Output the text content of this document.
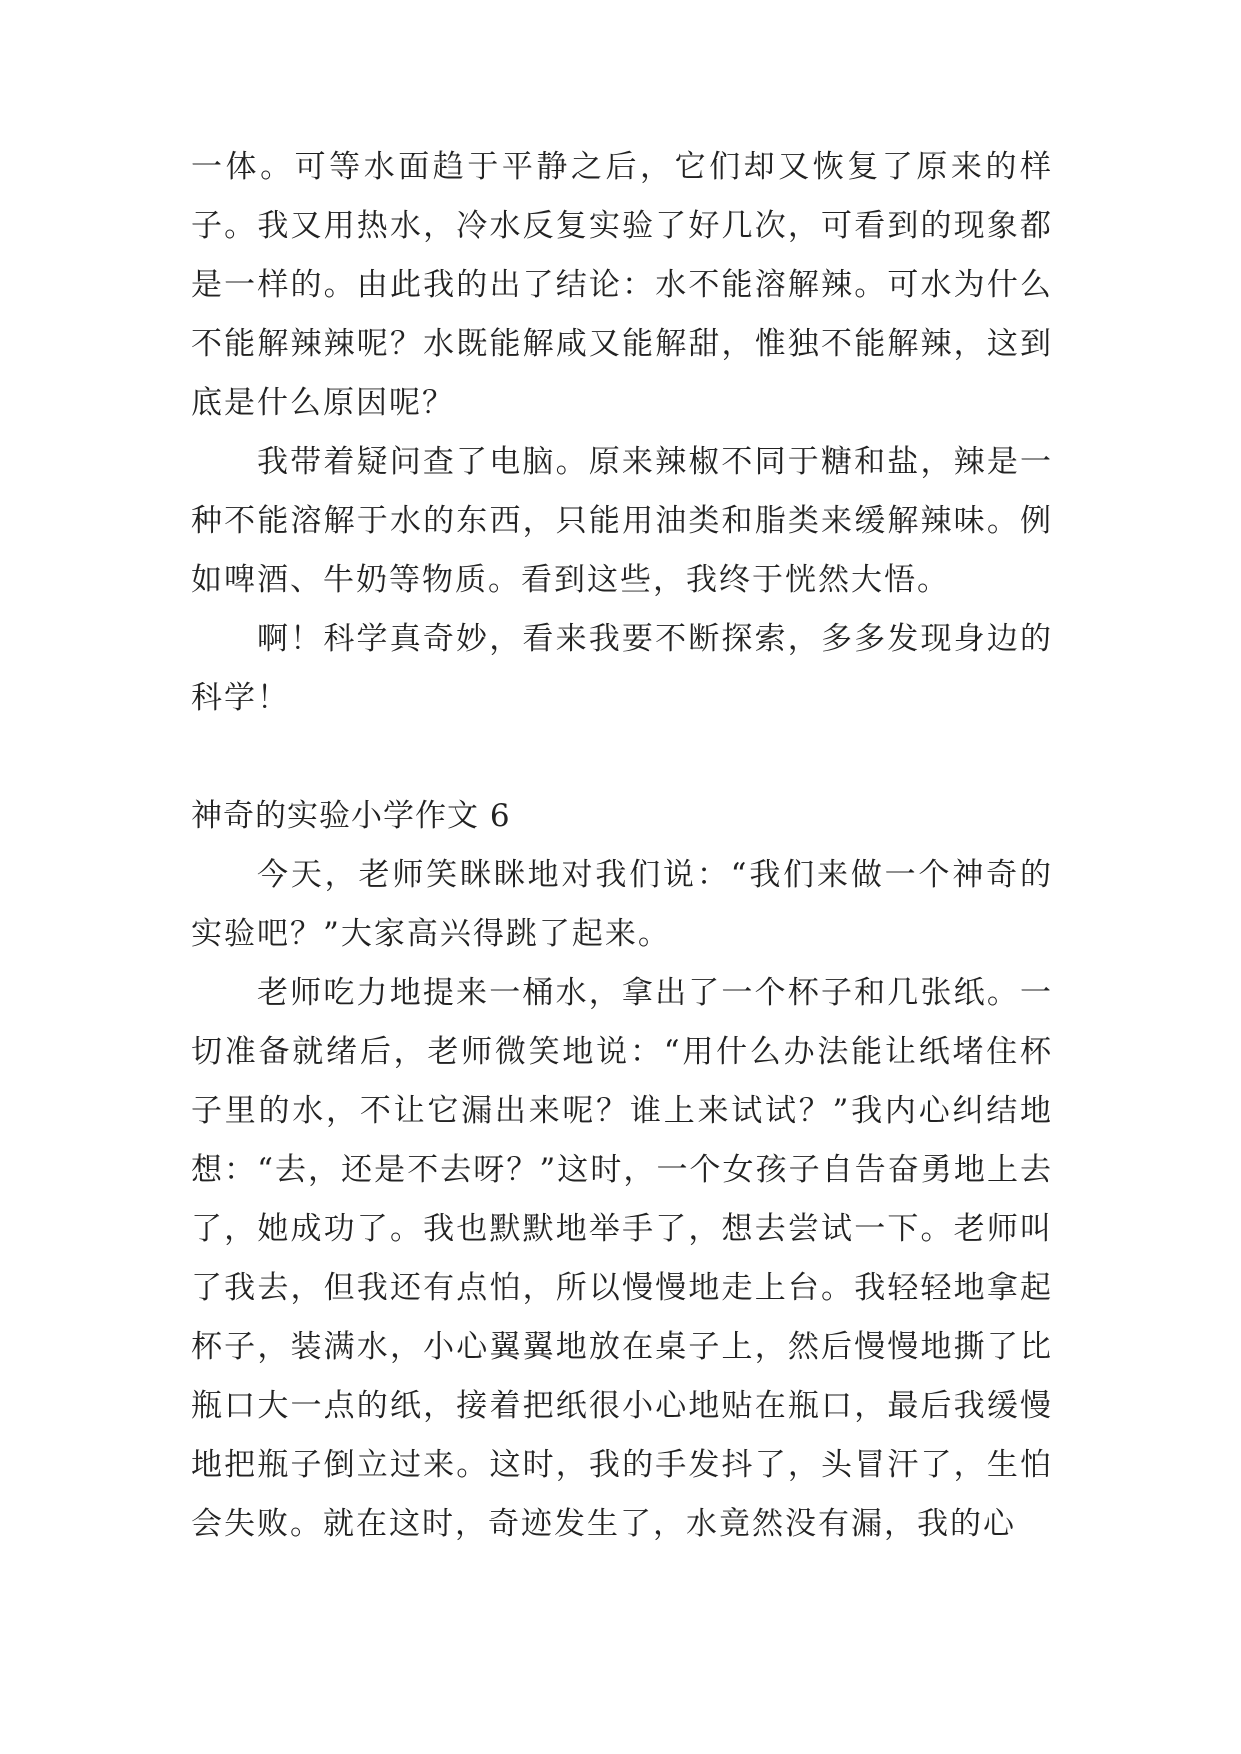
一体。可等水面趋于平静之后，它们却又恢复了原来的样子。我又用热水，冷水反复实验了好几次，可看到的现象都是一样的。由此我的出了结论：水不能溶解辣。可水为什么不能解辣辣呢？水既能解咸又能解甜，惟独不能解辣，这到底是什么原因呢？

我带着疑问查了电脑。原来辣椒不同于糖和盐，辣是一种不能溶解于水的东西，只能用油类和脂类来缓解辣味。例如啤酒、牛奶等物质。看到这些，我终于恍然大悟。

啊！科学真奇妙，看来我要不断探索，多多发现身边的科学！

神奇的实验小学作文 6

今天，老师笑眯眯地对我们说：“我们来做一个神奇的实验吧？”大家高兴得跳了起来。

老师吃力地提来一桶水，拿出了一个杯子和几张纸。一切准备就绪后，老师微笑地说：“用什么办法能让纸堵住杯子里的水，不让它漏出来呢？谁上来试试？”我内心纠结地想：“去，还是不去呀？”这时，一个女孩子自告奋勇地上去了，她成功了。我也默默地举手了，想去尝试一下。老师叫了我去，但我还有点怕，所以慢慢地走上台。我轻轻地拿起杯子，装满水，小心翼翼地放在桌子上，然后慢慢地撕了比瓶口大一点的纸，接着把纸很小心地贴在瓶口，最后我缓慢地把瓶子倒立过来。这时，我的手发抖了，头冒汗了，生怕会失败。就在这时，奇迹发生了，水竟然没有漏，我的心
